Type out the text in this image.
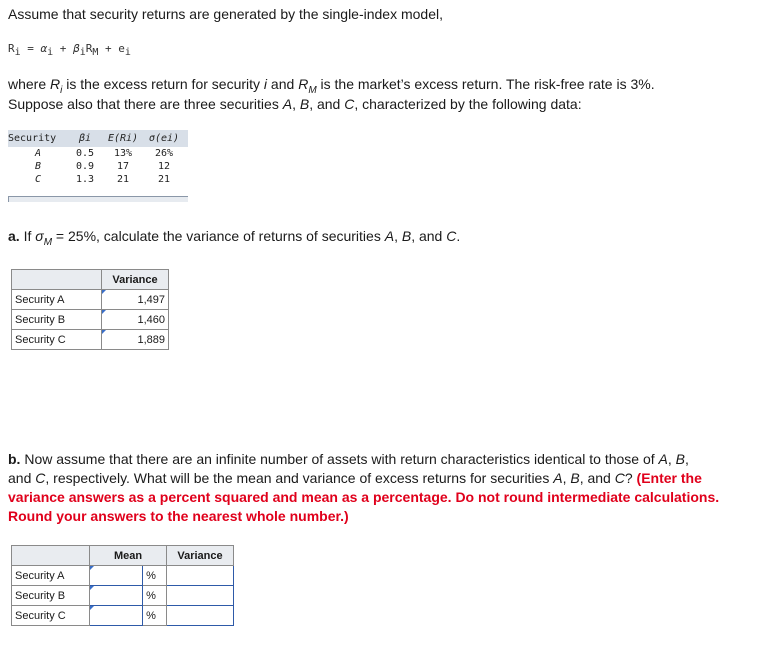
Assume that security returns are generated by the single-index model,
$R_i = \alpha_i + \beta_iR_M + e_i$
where $R_i$ is the excess return for security i and $R_M$ is the market’s excess return. The risk-free rate is 3%.
Suppose also that there are three securities A, B, and C, characterized by the following data:
Security	βi	E(Ri)	σ(ei)
A	0.5	13%	26%
B	0.9	17	12
C	1.3	21	21
a. If $\sigma_M = 25\%$, calculate the variance of returns of securities A, B, and C.
	Variance
Security A	1,497
Security B	1,460
Security C	1,889
b. Now assume that there are an infinite number of assets with return characteristics identical to those of A, B,
and C, respectively. What will be the mean and variance of excess returns for securities A, B, and C? (Enter the
variance answers as a percent squared and mean as a percentage. Do not round intermediate calculations.
Round your answers to the nearest whole number.)
	Mean		Variance
Security A		%	
Security B		%	
Security C		%	
